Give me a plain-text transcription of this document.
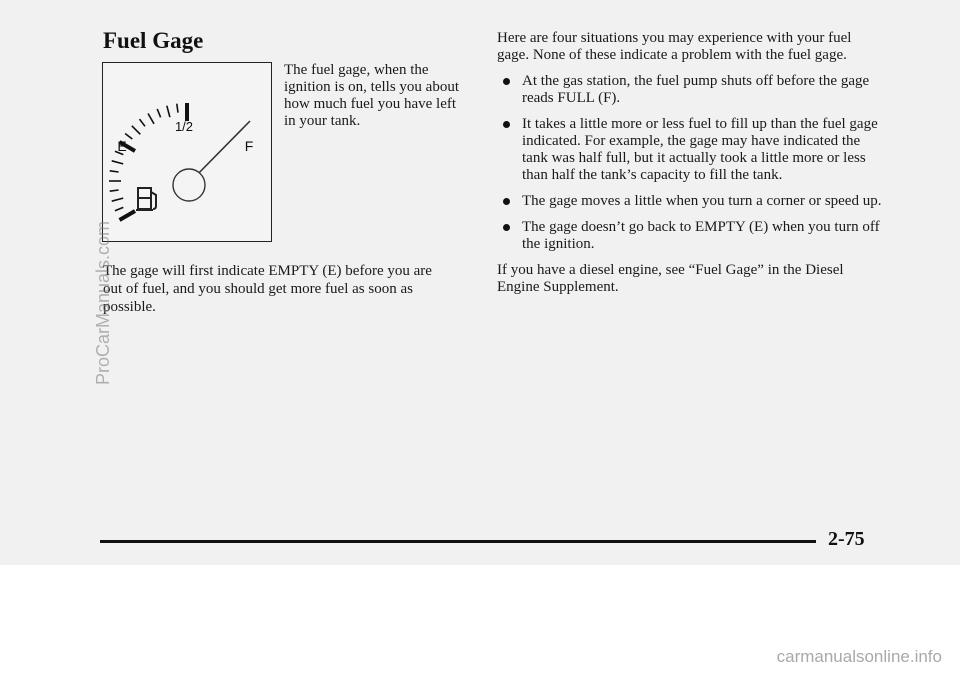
Fuel Gage
1/2
E	F

The fuel gage, when the ignition is on, tells you about how much fuel you have left in your tank.

The gage will first indicate EMPTY (E) before you are out of fuel, and you should get more fuel as soon as possible.

Here are four situations you may experience with your fuel gage. None of these indicate a problem with the fuel gage.

At the gas station, the fuel pump shuts off before the gage reads FULL (F).
It takes a little more or less fuel to fill up than the fuel gage indicated. For example, the gage may have indicated the tank was half full, but it actually took a little more or less than half the tank’s capacity to fill the tank.
The gage moves a little when you turn a corner or speed up.
The gage doesn’t go back to EMPTY (E) when you turn off the ignition.

If you have a diesel engine, see “Fuel Gage” in the Diesel Engine Supplement.

2-75
ProCarManuals.com
carmanualsonline.info
